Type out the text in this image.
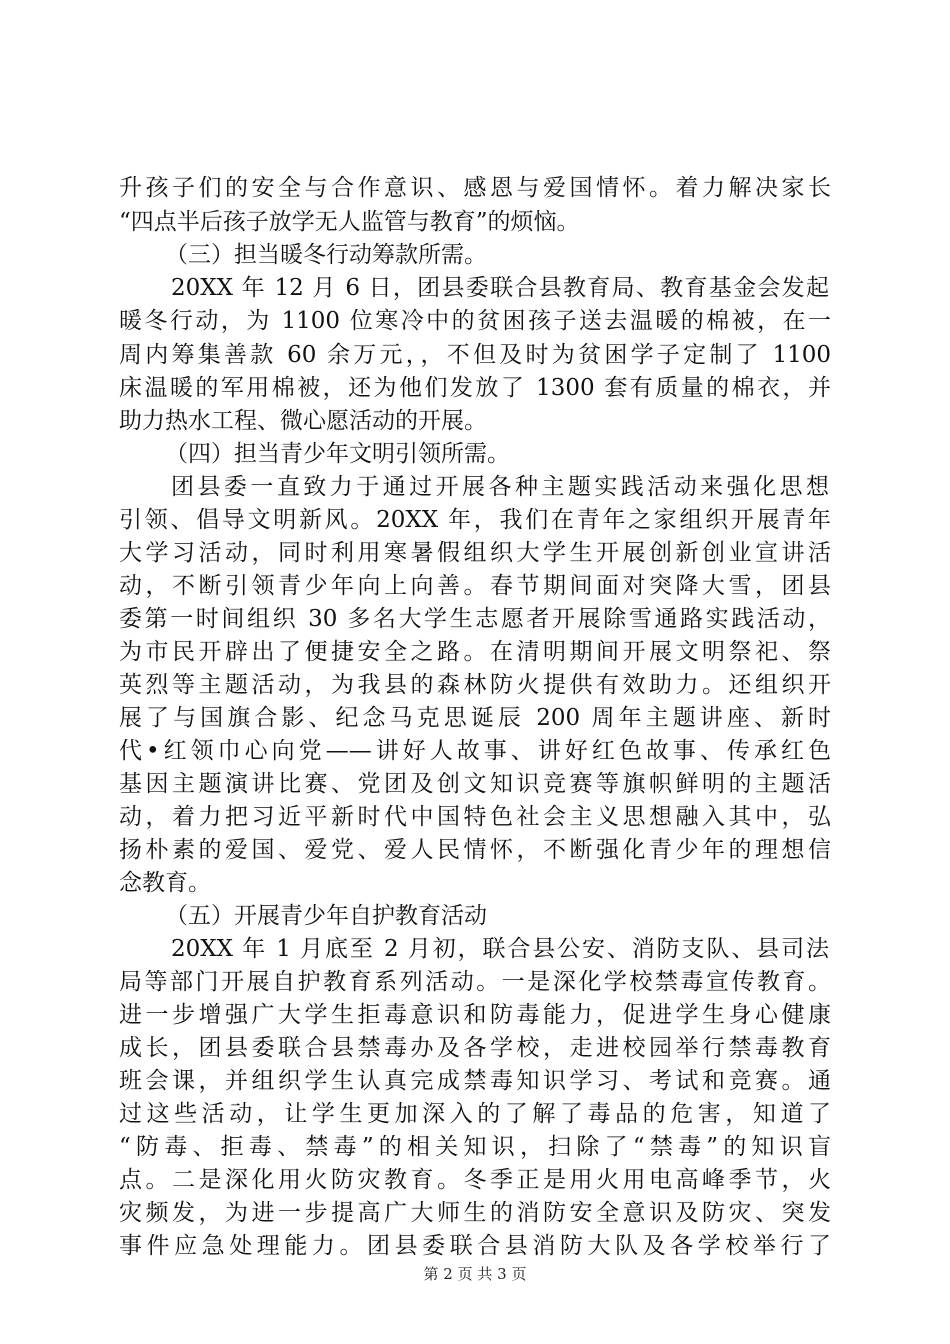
升孩子们的安全与合作意识、感恩与爱国情怀。着力解决家长
“四点半后孩子放学无人监管与教育”的烦恼。
（三）担当暖冬行动筹款所需。
20XX 年 12 月 6 日，团县委联合县教育局、教育基金会发起
暖冬行动，为 1100 位寒冷中的贫困孩子送去温暖的棉被，在一
周内筹集善款 60 余万元，，不但及时为贫困学子定制了 1100
床温暖的军用棉被，还为他们发放了 1300 套有质量的棉衣，并
助力热水工程、微心愿活动的开展。
（四）担当青少年文明引领所需。
团县委一直致力于通过开展各种主题实践活动来强化思想
引领、倡导文明新风。20XX 年，我们在青年之家组织开展青年
大学习活动，同时利用寒暑假组织大学生开展创新创业宣讲活
动，不断引领青少年向上向善。春节期间面对突降大雪，团县
委第一时间组织 30 多名大学生志愿者开展除雪通路实践活动，
为市民开辟出了便捷安全之路。在清明期间开展文明祭祀、祭
英烈等主题活动，为我县的森林防火提供有效助力。还组织开
展了与国旗合影、纪念马克思诞辰 200 周年主题讲座、新时
代•红领巾心向党——讲好人故事、讲好红色故事、传承红色
基因主题演讲比赛、党团及创文知识竞赛等旗帜鲜明的主题活
动，着力把习近平新时代中国特色社会主义思想融入其中，弘
扬朴素的爱国、爱党、爱人民情怀，不断强化青少年的理想信
念教育。
（五）开展青少年自护教育活动
20XX 年 1 月底至 2 月初，联合县公安、消防支队、县司法
局等部门开展自护教育系列活动。一是深化学校禁毒宣传教育。
进一步增强广大学生拒毒意识和防毒能力，促进学生身心健康
成长，团县委联合县禁毒办及各学校，走进校园举行禁毒教育
班会课，并组织学生认真完成禁毒知识学习、考试和竞赛。通
过这些活动，让学生更加深入的了解了毒品的危害，知道了
“防毒、拒毒、禁毒”的相关知识，扫除了“禁毒”的知识盲
点。二是深化用火防灾教育。冬季正是用火用电高峰季节，火
灾频发，为进一步提高广大师生的消防安全意识及防灾、突发
事件应急处理能力。团县委联合县消防大队及各学校举行了
第 2 页 共 3 页
